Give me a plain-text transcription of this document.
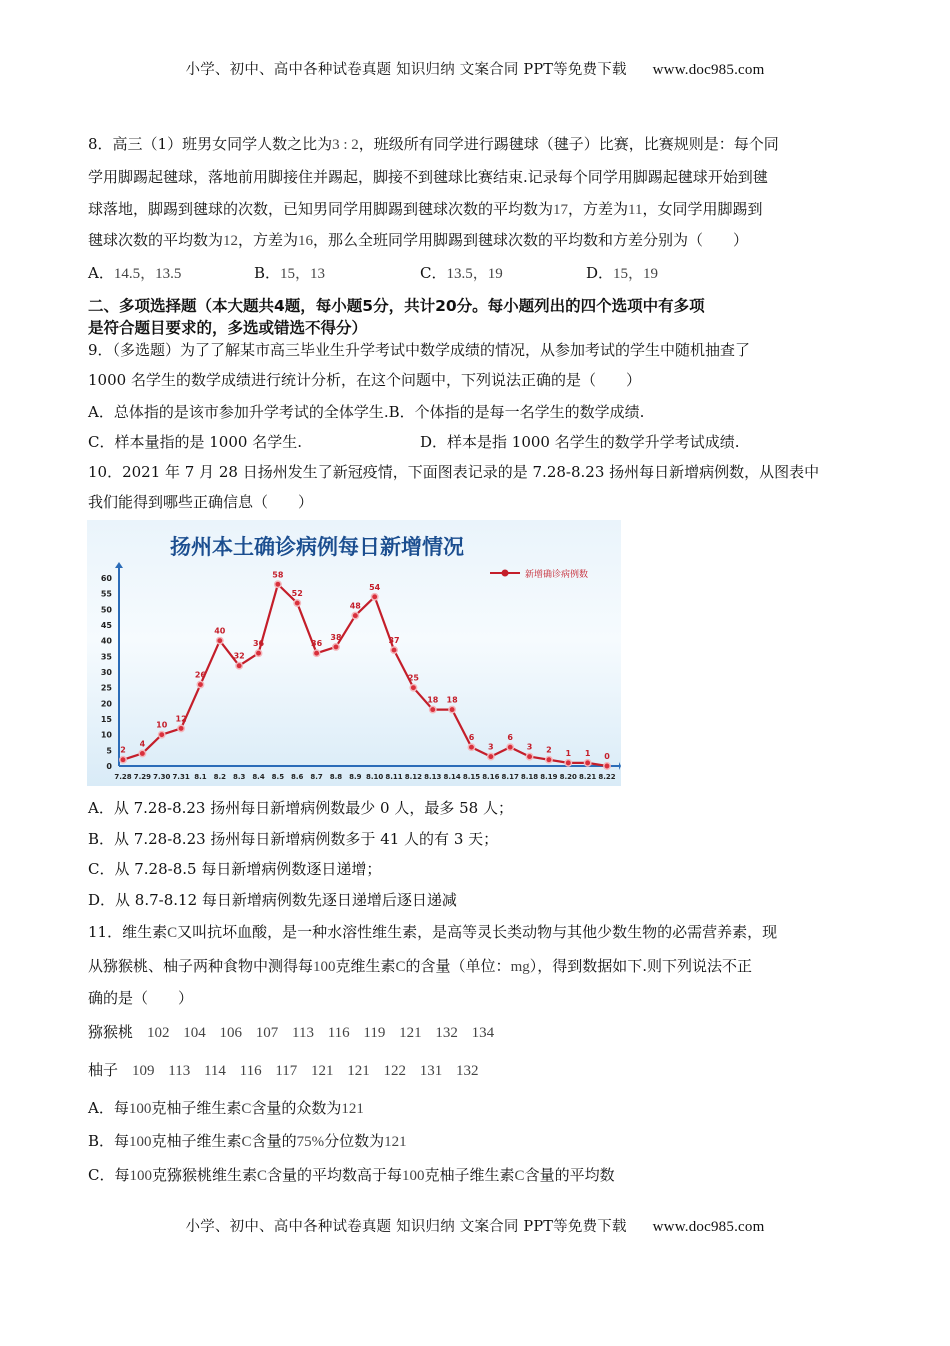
小学、初中、高中各种试卷真题 知识归纳 文案合同 PPT等免费下载 www.doc985.com
8．高三（1）班男女同学人数之比为3 : 2，班级所有同学进行踢毽球（毽子）比赛，比赛规则是：每个同
学用脚踢起毽球，落地前用脚接住并踢起，脚接不到毽球比赛结束.记录每个同学用脚踢起毽球开始到毽
球落地，脚踢到毽球的次数，已知男同学用脚踢到毽球次数的平均数为17，方差为11，女同学用脚踢到
毽球次数的平均数为12，方差为16，那么全班同学用脚踢到毽球次数的平均数和方差分别为（　　）
A．14.5，13.5	B．15，13	C．13.5，19	D．15，19
二、多项选择题（本大题共4题，每小题5分，共计20分。每小题列出的四个选项中有多项
是符合题目要求的，多选或错选不得分）
9．（多选题）为了了解某市高三毕业生升学考试中数学成绩的情况，从参加考试的学生中随机抽查了
1000 名学生的数学成绩进行统计分析，在这个问题中，下列说法正确的是（　　）
A．总体指的是该市参加升学考试的全体学生.B．个体指的是每一名学生的数学成绩.
C．样本量指的是 1000 名学生.	D．样本是指 1000 名学生的数学升学考试成绩.
10．2021 年 7 月 28 日扬州发生了新冠疫情，下面图表记录的是 7.28-8.23 扬州每日新增病例数，从图表中
我们能得到哪些正确信息（　　）
扬州本土确诊病例每日新增情况
新增确诊病例数
0
5
10
15
20
25
30
35
40
45
50
55
60
7.28 7.29 7.30 7.31 8.1 8.2 8.3 8.4 8.5 8.6 8.7 8.8 8.9 8.10 8.11 8.12 8.13 8.14 8.15 8.16 8.17 8.18 8.19 8.20 8.21 8.22
2
4
10
12
26
40
32
36
58
52
36
38
48
54
37
25
18 18
6
3
6
3 2 1 1 0
A．从 7.28-8.23 扬州每日新增病例数最少 0 人，最多 58 人；
B．从 7.28-8.23 扬州每日新增病例数多于 41 人的有 3 天；
C．从 7.28-8.5 每日新增病例数逐日递增；
D．从 8.7-8.12 每日新增病例数先逐日递增后逐日递减
11．维生素C又叫抗坏血酸，是一种水溶性维生素，是高等灵长类动物与其他少数生物的必需营养素，现
从猕猴桃、柚子两种食物中测得每100克维生素C的含量（单位：mg），得到数据如下.则下列说法不正
确的是（　　）
猕猴桃 102 104 106 107 113 116 119 121 132 134
柚子 109 113 114 116 117 121 121 122 131 132
A．每100克柚子维生素C含量的众数为121
B．每100克柚子维生素C含量的75%分位数为121
C．每100克猕猴桃维生素C含量的平均数高于每100克柚子维生素C含量的平均数
小学、初中、高中各种试卷真题 知识归纳 文案合同 PPT等免费下载 www.doc985.com
